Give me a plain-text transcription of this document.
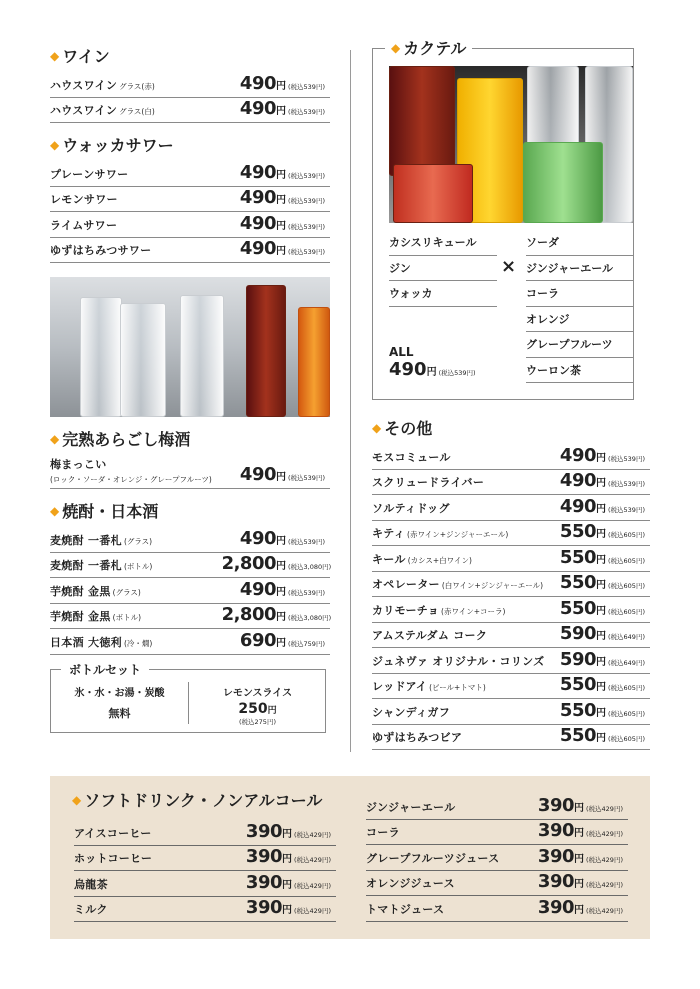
◆ ワイン
ハウスワイン グラス(赤)	490円 (税込539円)
ハウスワイン グラス(白)	490円 (税込539円)
◆ ウォッカサワー
プレーンサワー	490円 (税込539円)
レモンサワー	490円 (税込539円)
ライムサワー	490円 (税込539円)
ゆずはちみつサワー	490円 (税込539円)
◆ 完熟あらごし梅酒
梅まっこい
(ロック・ソーダ・オレンジ・グレープフルーツ)	490円 (税込539円)
◆ 焼酎・日本酒
麦焼酎 一番札 (グラス)	490円 (税込539円)
麦焼酎 一番札 (ボトル)	2,800円 (税込3,080円)
芋焼酎 金黒 (グラス)	490円 (税込539円)
芋焼酎 金黒 (ボトル)	2,800円 (税込3,080円)
日本酒 大徳利 (冷・燗)	690円 (税込759円)
ボトルセット
氷・水・お湯・炭酸
無料
レモンスライス
250円
(税込275円)
◆ カクテル
カシスリキュール
ジン
ウォッカ
×
ソーダ
ジンジャーエール
コーラ
オレンジ
グレープフルーツ
ウーロン茶
ALL
490円 (税込539円)
◆ その他
モスコミュール	490円 (税込539円)
スクリュードライバー	490円 (税込539円)
ソルティドッグ	490円 (税込539円)
キティ (赤ワイン+ジンジャーエール)	550円 (税込605円)
キール (カシス+白ワイン)	550円 (税込605円)
オペレーター (白ワイン+ジンジャーエール) 550円 (税込605円)
カリモーチョ (赤ワイン+コーラ)	550円 (税込605円)
アムステルダム コーク	590円 (税込649円)
ジュネヴァ オリジナル・コリンズ 590円 (税込649円)
レッドアイ (ビール+トマト)	550円 (税込605円)
シャンディガフ	550円 (税込605円)
ゆずはちみつビア	550円 (税込605円)
◆ ソフトドリンク・ノンアルコール
アイスコーヒー	390円 (税込429円)
ホットコーヒー	390円 (税込429円)
烏龍茶	390円 (税込429円)
ミルク	390円 (税込429円)
ジンジャーエール	390円 (税込429円)
コーラ	390円 (税込429円)
グレープフルーツジュース	390円 (税込429円)
オレンジジュース	390円 (税込429円)
トマトジュース	390円 (税込429円)
